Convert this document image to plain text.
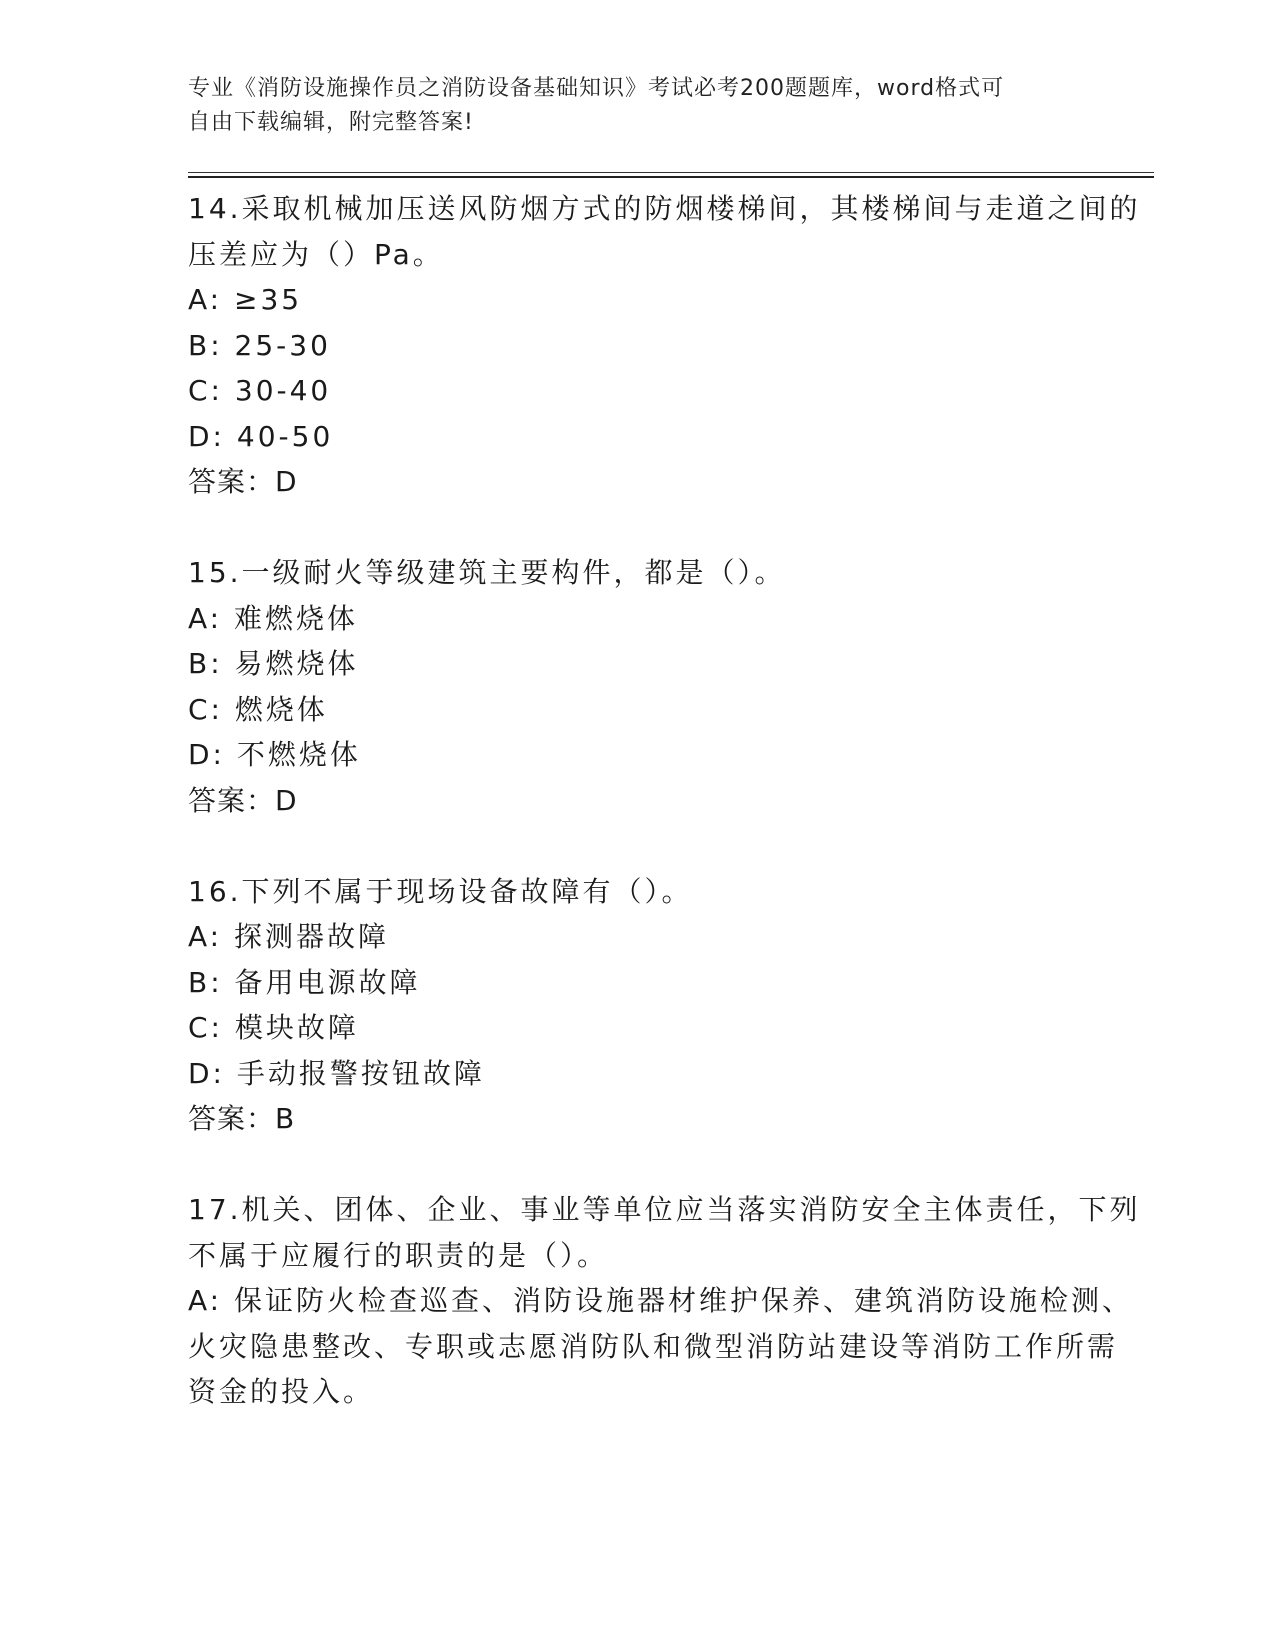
专业《消防设施操作员之消防设备基础知识》考试必考200题题库，word格式可
自由下载编辑，附完整答案!
14.采取机械加压送风防烟方式的防烟楼梯间，其楼梯间与走道之间的
压差应为（）Pa。
A: ≥35
B: 25-30
C: 30-40
D: 40-50
答案：D
15.一级耐火等级建筑主要构件，都是（）。
A: 难燃烧体
B: 易燃烧体
C: 燃烧体
D: 不燃烧体
答案：D
16.下列不属于现场设备故障有（）。
A: 探测器故障
B: 备用电源故障
C: 模块故障
D: 手动报警按钮故障
答案：B
17.机关、团体、企业、事业等单位应当落实消防安全主体责任，下列
不属于应履行的职责的是（）。
A: 保证防火检查巡查、消防设施器材维护保养、建筑消防设施检测、
火灾隐患整改、专职或志愿消防队和微型消防站建设等消防工作所需
资金的投入。
